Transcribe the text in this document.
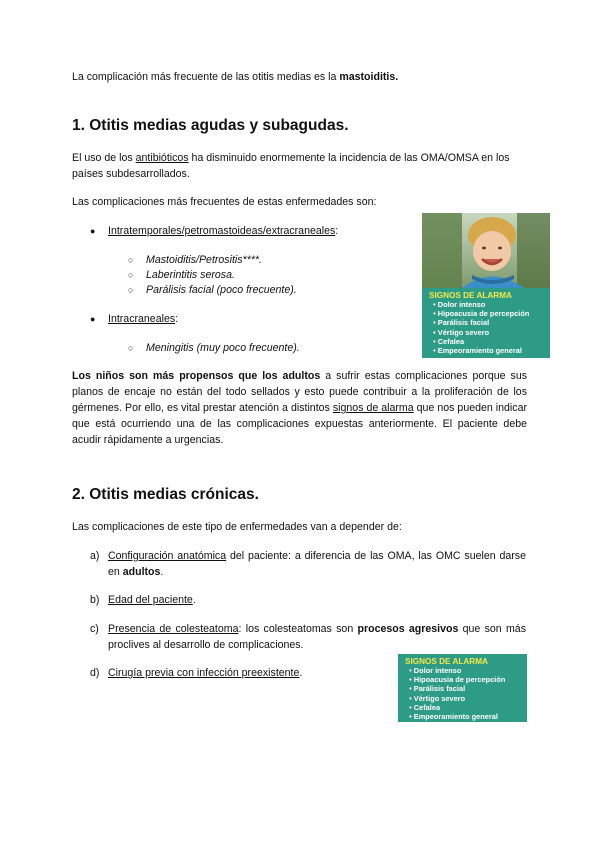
La complicación más frecuente de las otitis medias es la mastoiditis.

1. Otitis medias agudas y subagudas.

El uso de los antibióticos ha disminuido enormemente la incidencia de las OMA/OMSA en los países subdesarrollados.

Las complicaciones más frecuentes de estas enfermedades son:

● Intratemporales/petromastoideas/extracraneales:
○ Mastoiditis/Petrositis****.
○ Laberintitis serosa.
○ Parálisis facial (poco frecuente).
● Intracraneales:
○ Meningitis (muy poco frecuente).
SIGNOS DE ALARMA
• Dolor intenso
• Hipoacusia de percepción
• Parálisis facial
• Vértigo severo
• Cefalea
• Empeoramiento general

Los niños son más propensos que los adultos a sufrir estas complicaciones porque sus planos de encaje no están del todo sellados y esto puede contribuir a la proliferación de los gérmenes. Por ello, es vital prestar atención a distintos signos de alarma que nos pueden indicar que está ocurriendo una de las complicaciones expuestas anteriormente. El paciente debe acudir rápidamente a urgencias.

2. Otitis medias crónicas.

Las complicaciones de este tipo de enfermedades van a depender de:

a) Configuración anatómica del paciente: a diferencia de las OMA, las OMC suelen darse en adultos.

b) Edad del paciente.

c) Presencia de colesteatoma: los colesteatomas son procesos agresivos que son más proclives al desarrollo de complicaciones.

d) Cirugía previa con infección preexistente.

SIGNOS DE ALARMA
• Dolor intenso
• Hipoacusia de percepción
• Parálisis facial
• Vértigo severo
• Cefalea
• Empeoramiento general
